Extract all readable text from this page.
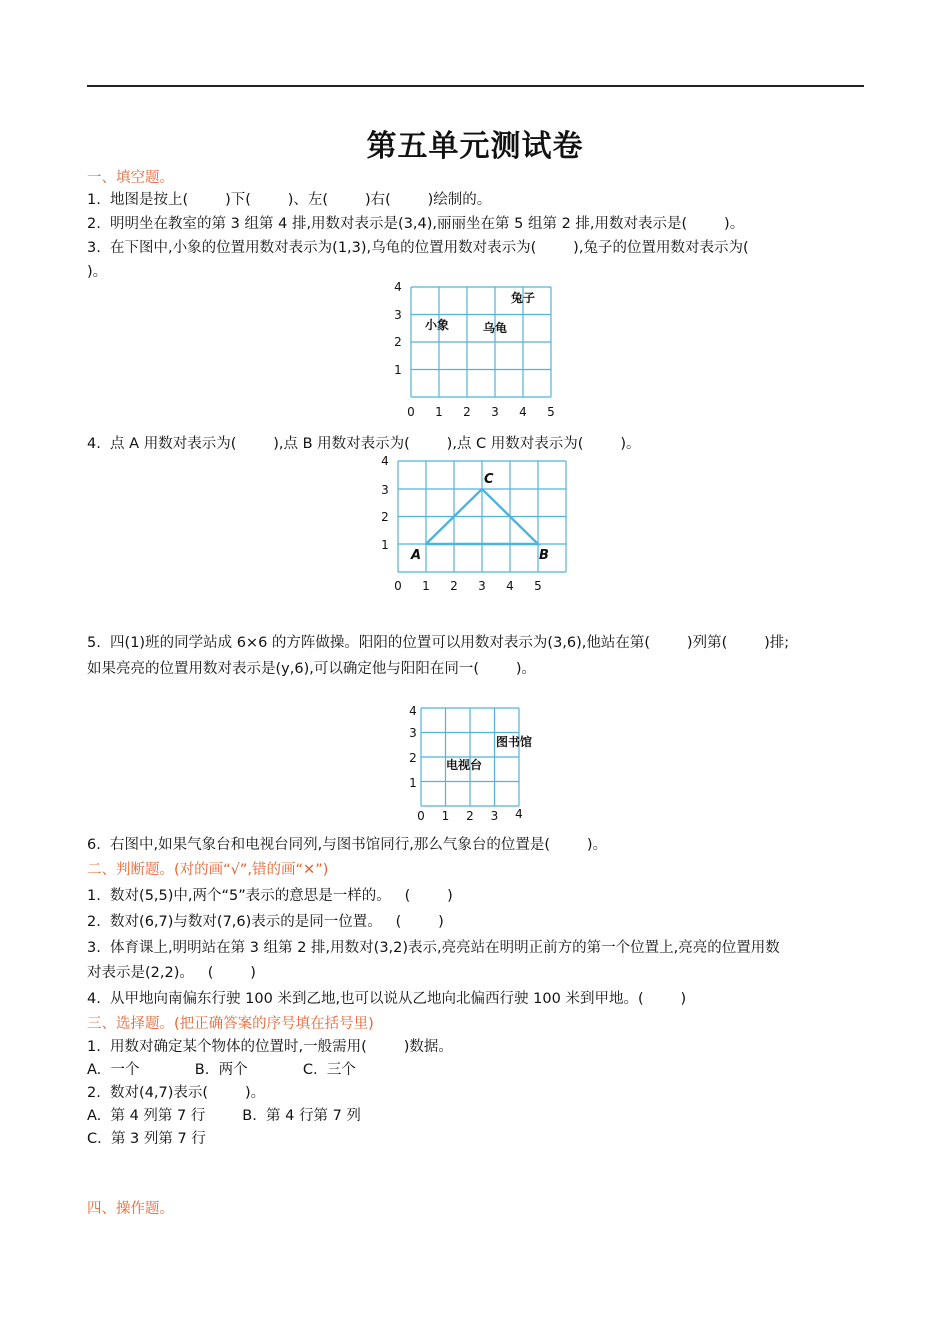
第五单元测试卷
一、填空题。
1.  地图是按上(        )下(        )、左(        )右(        )绘制的。
2.  明明坐在教室的第 3 组第 4 排,用数对表示是(3,4),丽丽坐在第 5 组第 2 排,用数对表示是(        )。
3.  在下图中,小象的位置用数对表示为(1,3),乌龟的位置用数对表示为(        ),兔子的位置用数对表示为(
)。
0 1 2 3 4 5
1
2
3
4
兔子
小象	乌龟
4.  点 A 用数对表示为(        ),点 B 用数对表示为(        ),点 C 用数对表示为(        )。
0 1 2 3 4 5
1
2
3
4
A	B
C
5.  四(1)班的同学站成 6×6 的方阵做操。阳阳的位置可以用数对表示为(3,6),他站在第(        )列第(        )排;
如果亮亮的位置用数对表示是(y,6),可以确定他与阳阳在同一(        )。
0 1 2 3 4
1
2
3
4
图书馆
电视台
6.  右图中,如果气象台和电视台同列,与图书馆同行,那么气象台的位置是(        )。
二、判断题。(对的画“√”,错的画“✕”)
1.  数对(5,5)中,两个“5”表示的意思是一样的。   (        )
2.  数对(6,7)与数对(7,6)表示的是同一位置。   (        )
3.  体育课上,明明站在第 3 组第 2 排,用数对(3,2)表示,亮亮站在明明正前方的第一个位置上,亮亮的位置用数
对表示是(2,2)。   (        )
4.  从甲地向南偏东行驶 100 米到乙地,也可以说从乙地向北偏西行驶 100 米到甲地。(        )
三、选择题。(把正确答案的序号填在括号里)
1.  用数对确定某个物体的位置时,一般需用(        )数据。
A.  一个            B.  两个            C.  三个
2.  数对(4,7)表示(        )。
A.  第 4 列第 7 行        B.  第 4 行第 7 列
C.  第 3 列第 7 行
四、操作题。
